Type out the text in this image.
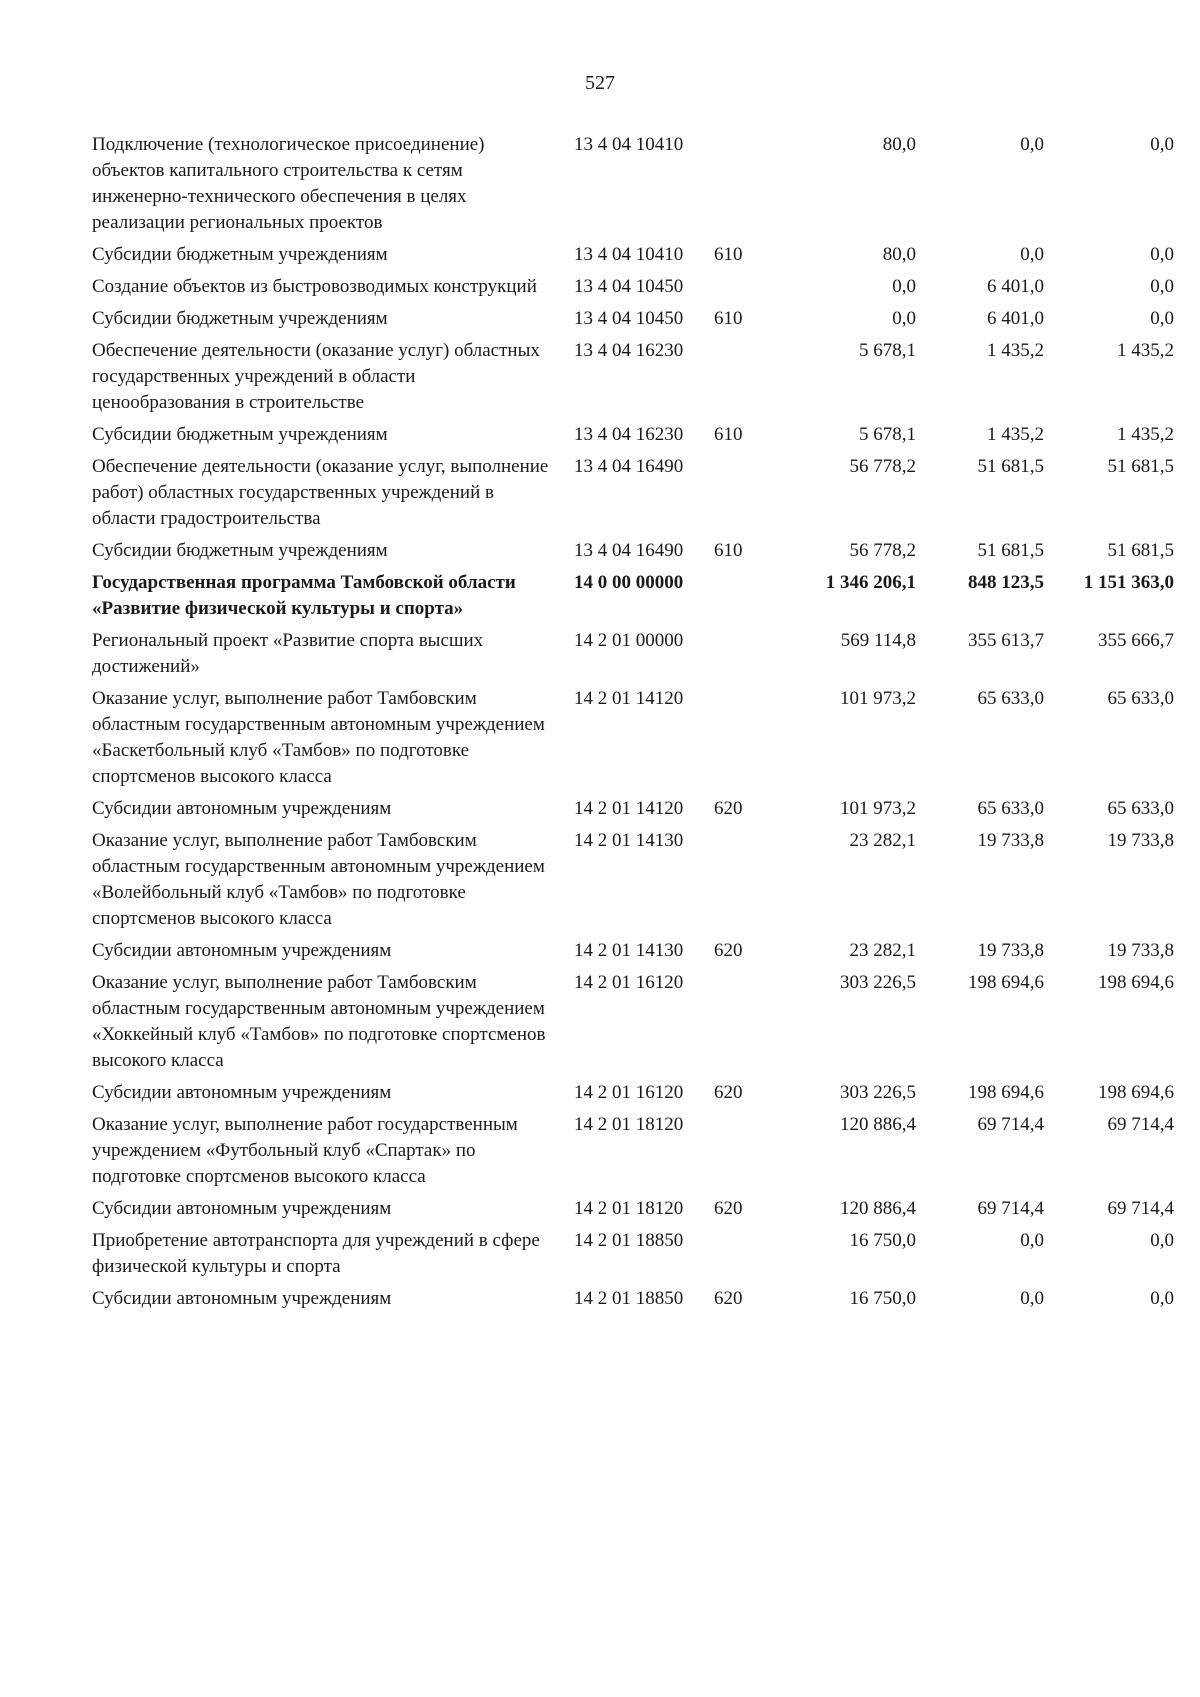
527
Подключение (технологическое присоединение) объектов капитального строительства к сетям инженерно-технического обеспечения в целях реализации региональных проектов	13 4 04 10410		80,0	0,0	0,0
Субсидии бюджетным учреждениям	13 4 04 10410	610	80,0	0,0	0,0
Создание объектов из быстровозводимых конструкций	13 4 04 10450		0,0	6 401,0	0,0
Субсидии бюджетным учреждениям	13 4 04 10450	610	0,0	6 401,0	0,0
Обеспечение деятельности (оказание услуг) областных государственных учреждений в области ценообразования в строительстве	13 4 04 16230		5 678,1	1 435,2	1 435,2
Субсидии бюджетным учреждениям	13 4 04 16230	610	5 678,1	1 435,2	1 435,2
Обеспечение деятельности (оказание услуг, выполнение работ) областных государственных учреждений в области градостроительства	13 4 04 16490		56 778,2	51 681,5	51 681,5
Субсидии бюджетным учреждениям	13 4 04 16490	610	56 778,2	51 681,5	51 681,5
Государственная программа Тамбовской области «Развитие физической культуры и спорта»	14 0 00 00000		1 346 206,1	848 123,5	1 151 363,0
Региональный проект «Развитие спорта высших достижений»	14 2 01 00000		569 114,8	355 613,7	355 666,7
Оказание услуг, выполнение работ Тамбовским областным государственным автономным учреждением «Баскетбольный клуб «Тамбов» по подготовке спортсменов высокого класса	14 2 01 14120		101 973,2	65 633,0	65 633,0
Субсидии автономным учреждениям	14 2 01 14120	620	101 973,2	65 633,0	65 633,0
Оказание услуг, выполнение работ Тамбовским областным государственным автономным учреждением «Волейбольный клуб «Тамбов» по подготовке спортсменов высокого класса	14 2 01 14130		23 282,1	19 733,8	19 733,8
Субсидии автономным учреждениям	14 2 01 14130	620	23 282,1	19 733,8	19 733,8
Оказание услуг, выполнение работ Тамбовским областным государственным автономным учреждением «Хоккейный клуб «Тамбов» по подготовке спортсменов высокого класса	14 2 01 16120		303 226,5	198 694,6	198 694,6
Субсидии автономным учреждениям	14 2 01 16120	620	303 226,5	198 694,6	198 694,6
Оказание услуг, выполнение работ государственным учреждением «Футбольный клуб «Спартак» по подготовке спортсменов высокого класса	14 2 01 18120		120 886,4	69 714,4	69 714,4
Субсидии автономным учреждениям	14 2 01 18120	620	120 886,4	69 714,4	69 714,4
Приобретение автотранспорта для учреждений в сфере физической культуры и спорта	14 2 01 18850		16 750,0	0,0	0,0
Субсидии автономным учреждениям	14 2 01 18850	620	16 750,0	0,0	0,0
